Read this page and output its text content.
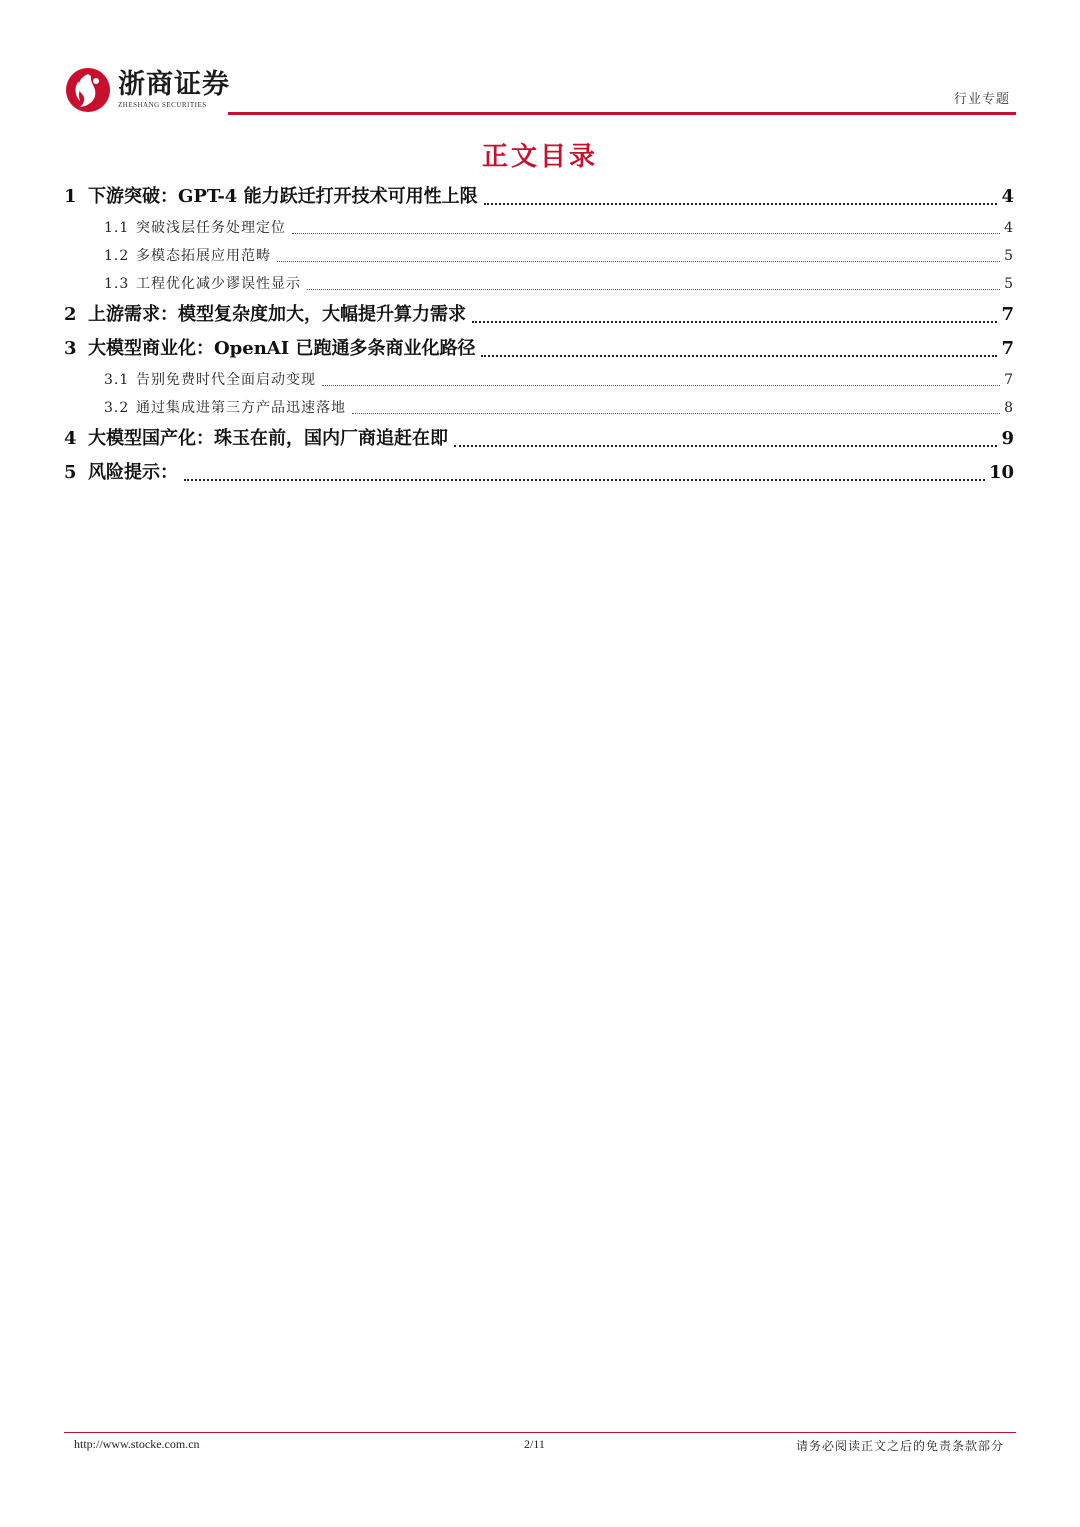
浙商证券
ZHESHANG SECURITIES	行业专题
正文目录
1 下游突破：GPT-4 能力跃迁打开技术可用性上限	4
1.1 突破浅层任务处理定位	4
1.2 多模态拓展应用范畴	5
1.3 工程优化减少谬误性显示	5
2 上游需求：模型复杂度加大，大幅提升算力需求	7
3 大模型商业化：OpenAI 已跑通多条商业化路径	7
3.1 告别免费时代全面启动变现	7
3.2 通过集成进第三方产品迅速落地	8
4 大模型国产化：珠玉在前，国内厂商追赶在即	9
5 风险提示：	10
http://www.stocke.com.cn	2/11	请务必阅读正文之后的免责条款部分
